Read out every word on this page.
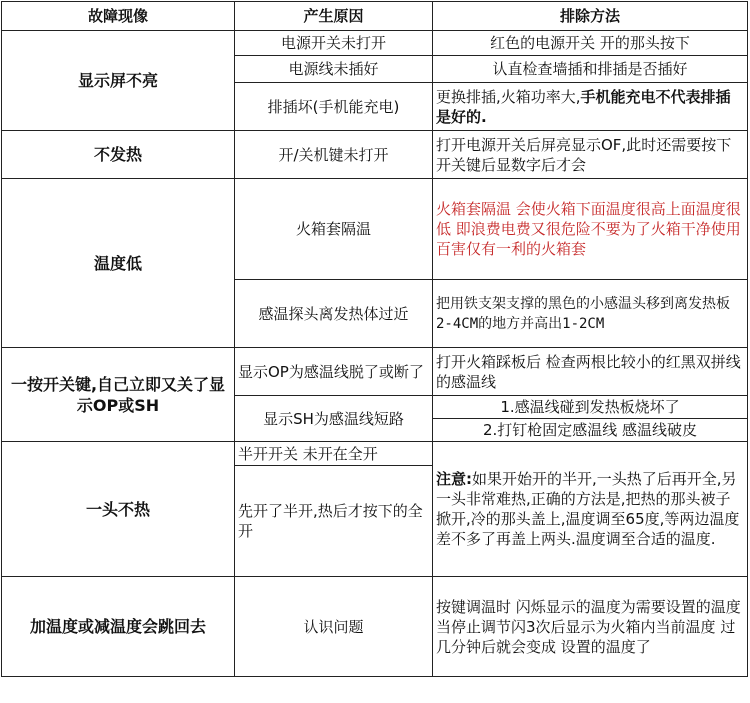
故障现像	产生原因	排除方法
显示屏不亮	电源开关未打开	红色的电源开关 开的那头按下
	电源线未插好	认直检查墙插和排插是否插好
	排插坏(手机能充电)	更换排插,火箱功率大,手机能充电不代表排插是好的.
不发热	开/关机键未打开	打开电源开关后屏亮显示OF,此时还需要按下开关键后显数字后才会
温度低	火箱套隔温	火箱套隔温 会使火箱下面温度很高上面温度很低 即浪费电费又很危险不要为了火箱干净使用百害仅有一利的火箱套
	感温探头离发热体过近	把用铁支架支撑的黑色的小感温头移到离发热板 2-4CM的地方并高出1-2CM
一按开关键,自己立即又关了显示OP或SH	显示OP为感温线脱了或断了	打开火箱踩板后 检查两根比较小的红黑双拼线的感温线
	显示SH为感温线短路	1.感温线碰到发热板烧坏了
		2.打钉枪固定感温线 感温线破皮
一头不热	半开开关 未开在全开	注意:如果开始开的半开,一头热了后再开全,另一头非常难热,正确的方法是,把热的那头被子掀开,冷的那头盖上,温度调至65度,等两边温度差不多了再盖上两头.温度调至合适的温度.
	先开了半开,热后才按下的全开	
加温度或减温度会跳回去	认识问题	按键调温时 闪烁显示的温度为需要设置的温度 当停止调节闪3次后显示为火箱内当前温度 过几分钟后就会变成 设置的温度了
